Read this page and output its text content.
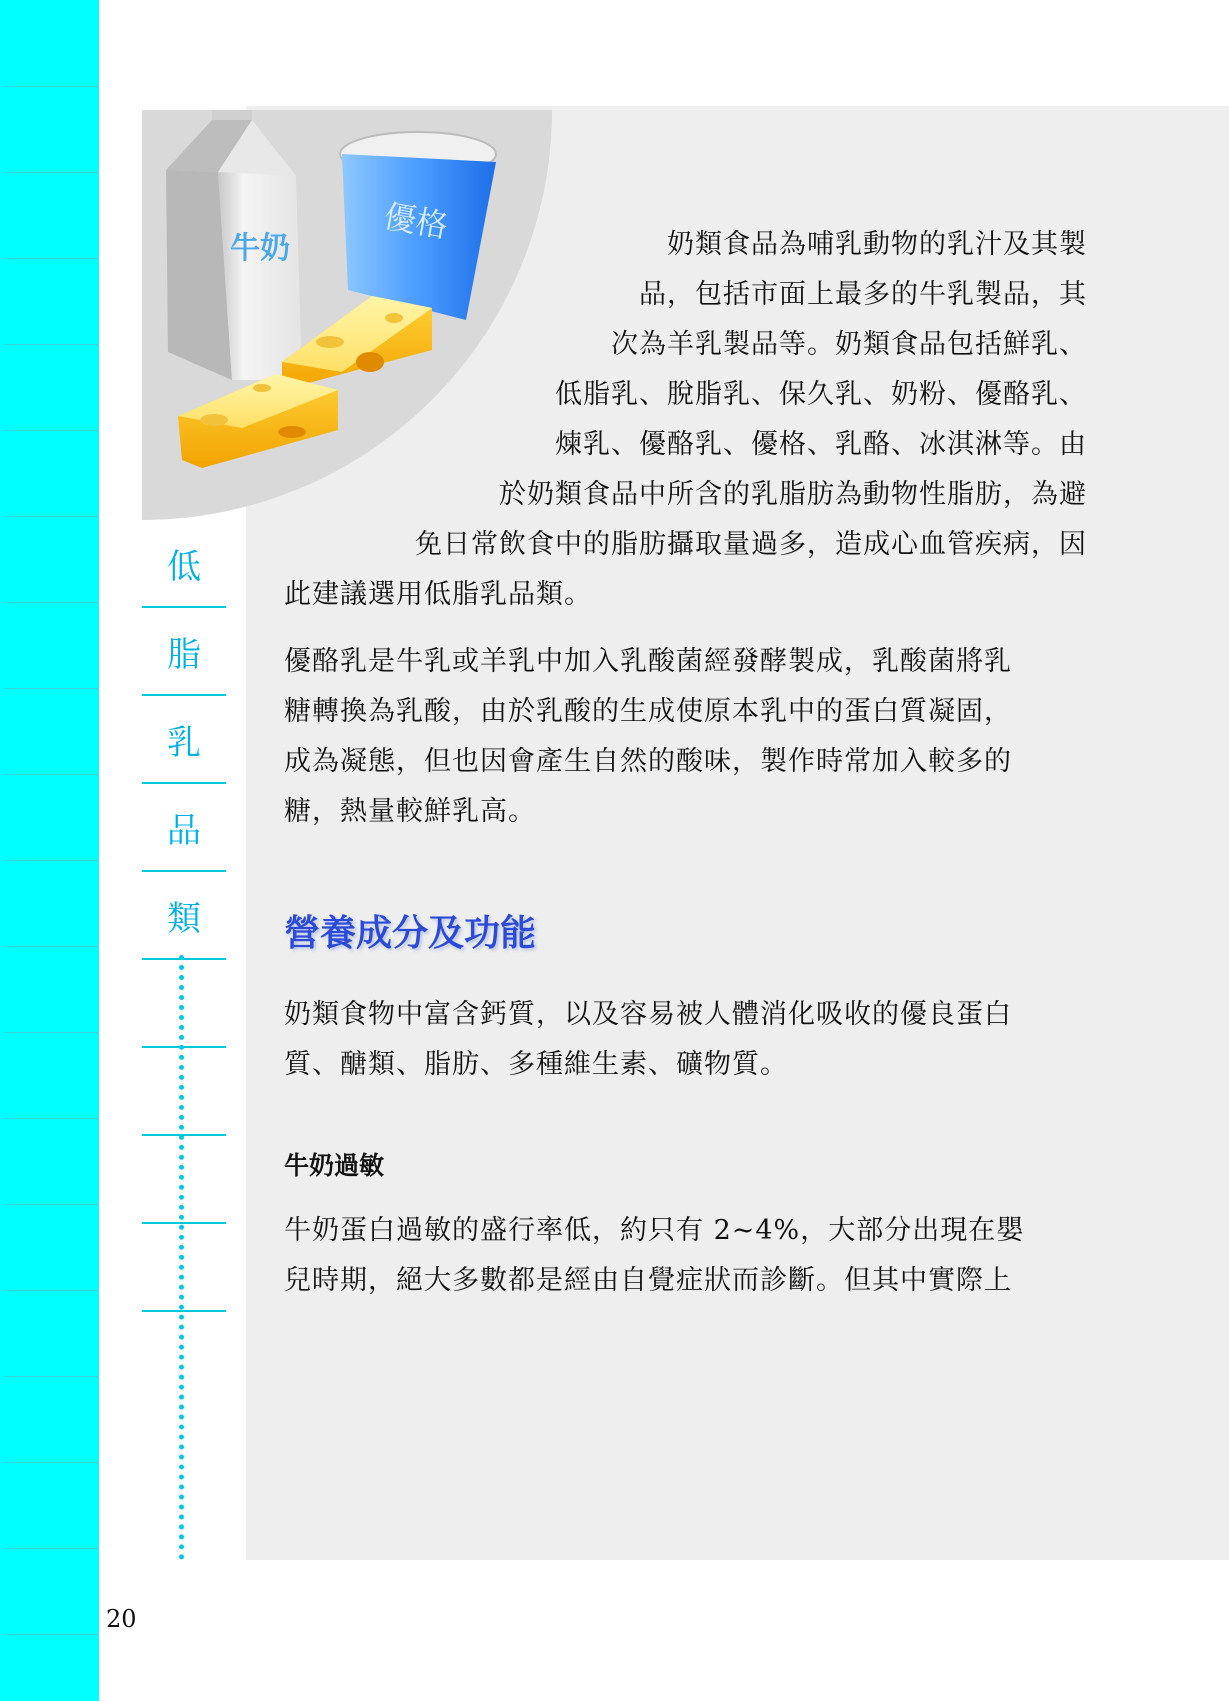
牛奶
優格
低
脂
乳
品
類

奶類食品為哺乳動物的乳汁及其製

品，包括市面上最多的牛乳製品，其

次為羊乳製品等。奶類食品包括鮮乳、

低脂乳、脫脂乳、保久乳、奶粉、優酪乳、

煉乳、優酪乳、優格、乳酪、冰淇淋等。由

於奶類食品中所含的乳脂肪為動物性脂肪，為避

免日常飲食中的脂肪攝取量過多，造成心血管疾病，因

此建議選用低脂乳品類。

優酪乳是牛乳或羊乳中加入乳酸菌經發酵製成，乳酸菌將乳

糖轉換為乳酸，由於乳酸的生成使原本乳中的蛋白質凝固，

成為凝態，但也因會產生自然的酸味，製作時常加入較多的

糖，熱量較鮮乳高。

營養成分及功能

奶類食物中富含鈣質，以及容易被人體消化吸收的優良蛋白

質、醣類、脂肪、多種維生素、礦物質。

牛奶過敏

牛奶蛋白過敏的盛行率低，約只有 2~4%，大部分出現在嬰

兒時期，絕大多數都是經由自覺症狀而診斷。但其中實際上

20
